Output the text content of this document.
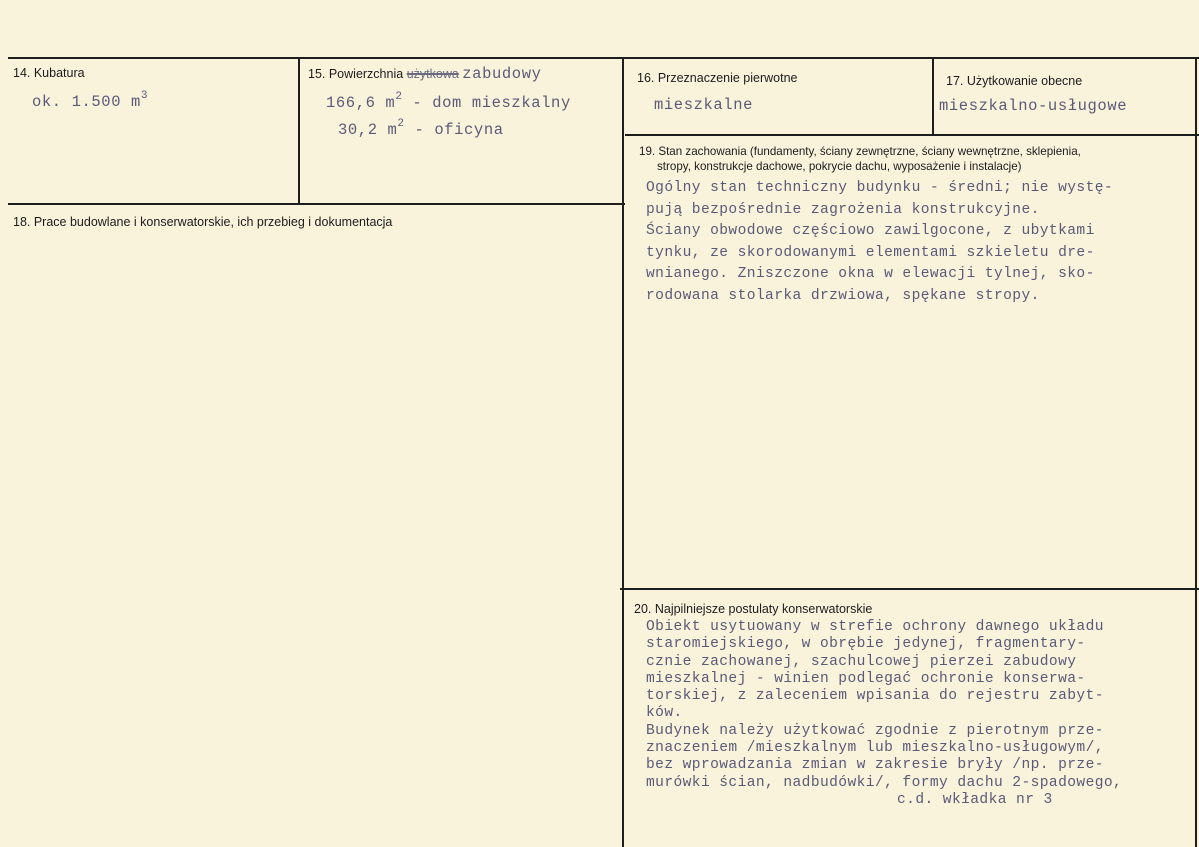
14. Kubatura
ok. 1.500 $m^3$
15. Powierzchnia użytkowa zabudowy
166,6 $m^2$ - dom mieszkalny
30,2 $m^2$ - oficyna
16. Przeznaczenie pierwotne
mieszkalne
17. Użytkowanie obecne
mieszkalno-usługowe
18. Prace budowlane i konserwatorskie, ich przebieg i dokumentacja
19. Stan zachowania (fundamenty, ściany zewnętrzne, ściany wewnętrzne, sklepienia,
stropy, konstrukcje dachowe, pokrycie dachu, wyposażenie i instalacje)
Ogólny stan techniczny budynku - średni; nie wystę-
pują bezpośrednie zagrożenia konstrukcyjne.
Ściany obwodowe częściowo zawilgocone, z ubytkami
tynku, ze skorodowanymi elementami szkieletu dre-
wnianego. Zniszczone okna w elewacji tylnej, sko-
rodowana stolarka drzwiowa, spękane stropy.
20. Najpilniejsze postulaty konserwatorskie
Obiekt usytuowany w strefie ochrony dawnego układu
staromiejskiego, w obrębie jedynej, fragmentary-
cznie zachowanej, szachulcowej pierzei zabudowy
mieszkalnej - winien podlegać ochronie konserwa-
torskiej, z zaleceniem wpisania do rejestru zabyt-
ków.
Budynek należy użytkować zgodnie z pierotnym prze-
znaczeniem /mieszkalnym lub mieszkalno-usługowym/,
bez wprowadzania zmian w zakresie bryły /np. prze-
murówki ścian, nadbudówki/, formy dachu 2-spadowego,
c.d. wkładka nr 3
